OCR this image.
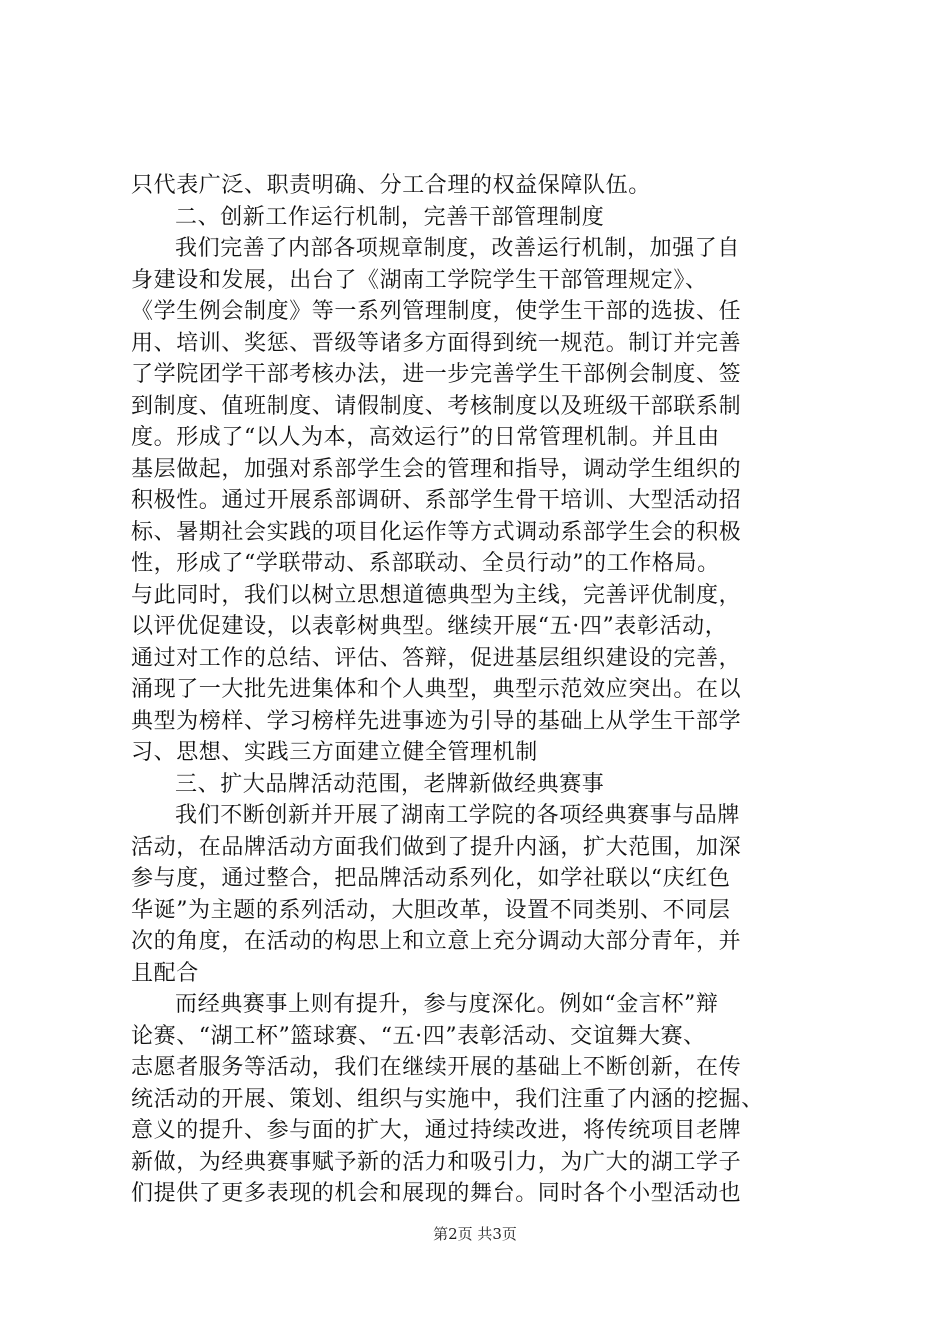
只代表广泛、职责明确、分工合理的权益保障队伍。
二、创新工作运行机制，完善干部管理制度
我们完善了内部各项规章制度，改善运行机制，加强了自
身建设和发展，出台了《湖南工学院学生干部管理规定》、
《学生例会制度》等一系列管理制度，使学生干部的选拔、任
用、培训、奖惩、晋级等诸多方面得到统一规范。制订并完善
了学院团学干部考核办法，进一步完善学生干部例会制度、签
到制度、值班制度、请假制度、考核制度以及班级干部联系制
度。形成了“以人为本，高效运行”的日常管理机制。并且由
基层做起，加强对系部学生会的管理和指导，调动学生组织的
积极性。通过开展系部调研、系部学生骨干培训、大型活动招
标、暑期社会实践的项目化运作等方式调动系部学生会的积极
性，形成了“学联带动、系部联动、全员行动”的工作格局。
与此同时，我们以树立思想道德典型为主线，完善评优制度，
以评优促建设，以表彰树典型。继续开展“五·四”表彰活动，
通过对工作的总结、评估、答辩，促进基层组织建设的完善，
涌现了一大批先进集体和个人典型，典型示范效应突出。在以
典型为榜样、学习榜样先进事迹为引导的基础上从学生干部学
习、思想、实践三方面建立健全管理机制
三、扩大品牌活动范围，老牌新做经典赛事
我们不断创新并开展了湖南工学院的各项经典赛事与品牌
活动，在品牌活动方面我们做到了提升内涵，扩大范围，加深
参与度，通过整合，把品牌活动系列化，如学社联以“庆红色
华诞”为主题的系列活动，大胆改革，设置不同类别、不同层
次的角度，在活动的构思上和立意上充分调动大部分青年，并
且配合
而经典赛事上则有提升，参与度深化。例如“金言杯”辩
论赛、“湖工杯”篮球赛、“五·四”表彰活动、交谊舞大赛、
志愿者服务等活动，我们在继续开展的基础上不断创新，在传
统活动的开展、策划、组织与实施中，我们注重了内涵的挖掘、
意义的提升、参与面的扩大，通过持续改进，将传统项目老牌
新做，为经典赛事赋予新的活力和吸引力，为广大的湖工学子
们提供了更多表现的机会和展现的舞台。同时各个小型活动也
第2页 共3页
